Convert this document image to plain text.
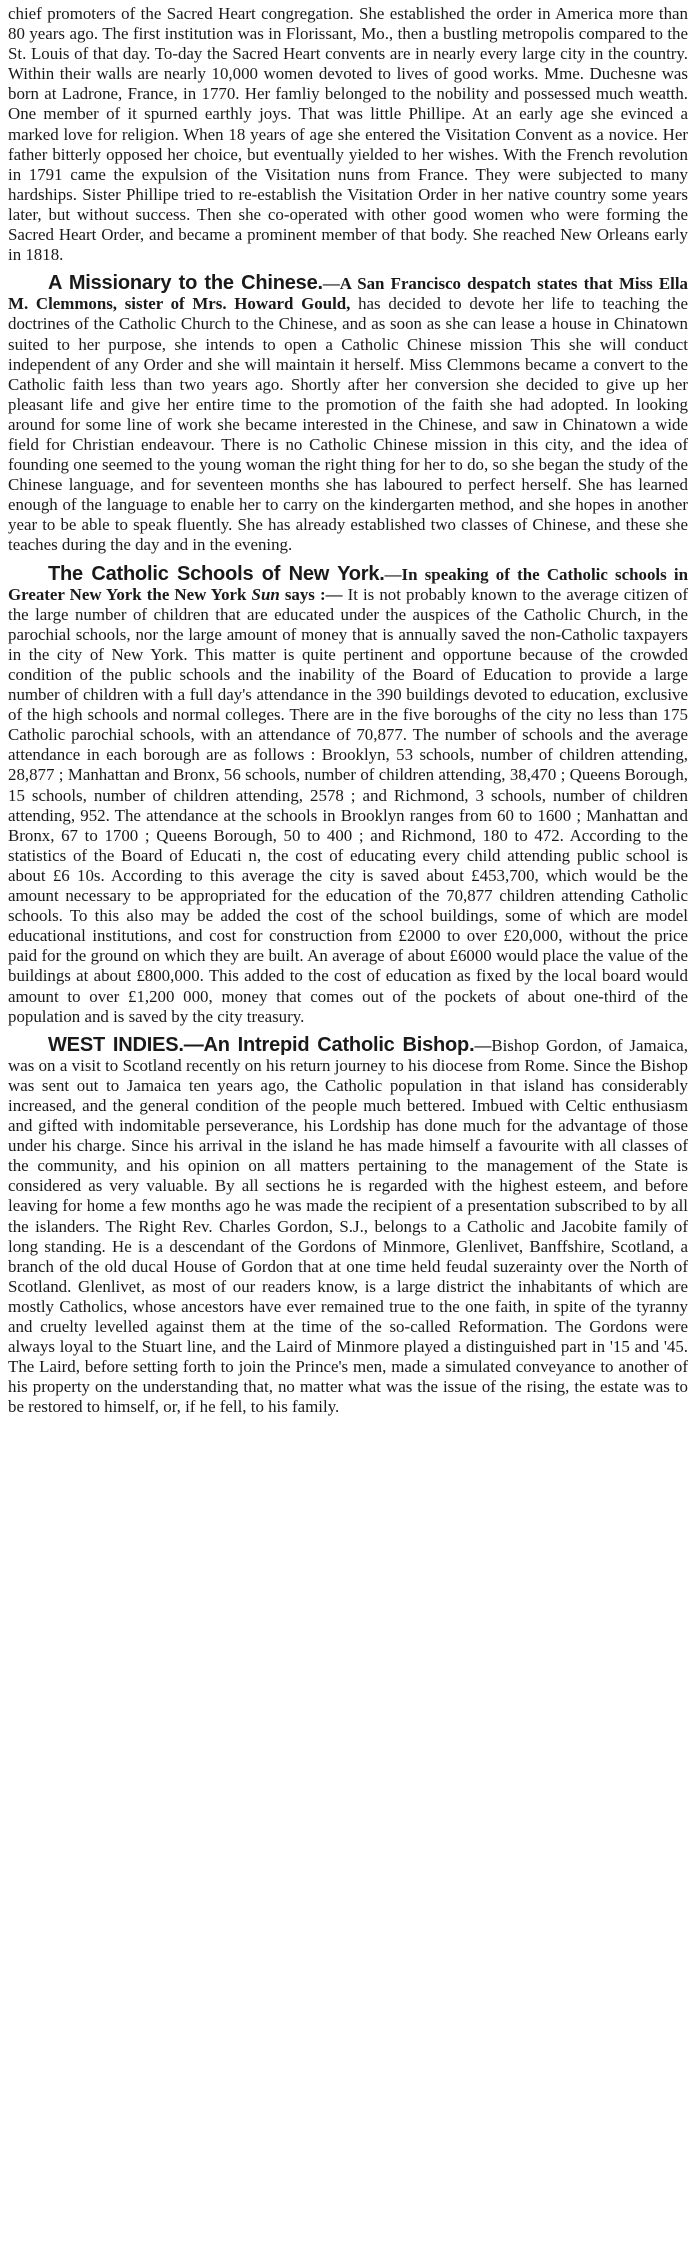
chief promoters of the Sacred Heart congregation. She established the order in America more than 80 years ago. The first institution was in Florissant, Mo., then a bustling metropolis compared to the St. Louis of that day. To-day the Sacred Heart convents are in nearly every large city in the country. Within their walls are nearly 10,000 women devoted to lives of good works. Mme. Duchesne was born at Ladrone, France, in 1770. Her famliy belonged to the nobility and possessed much weatth. One member of it spurned earthly joys. That was little Phillipe. At an early age she evinced a marked love for religion. When 18 years of age she entered the Visitation Convent as a novice. Her father bitterly opposed her choice, but eventually yielded to her wishes. With the French revolution in 1791 came the expulsion of the Visitation nuns from France. They were subjected to many hardships. Sister Phillipe tried to re-establish the Visitation Order in her native country some years later, but without success. Then she co-operated with other good women who were forming the Sacred Heart Order, and became a prominent member of that body. She reached New Orleans early in 1818.

A Missionary to the Chinese.—A San Francisco despatch states that Miss Ella M. Clemmons, sister of Mrs. Howard Gould, has decided to devote her life to teaching the doctrines of the Catholic Church to the Chinese, and as soon as she can lease a house in Chinatown suited to her purpose, she intends to open a Catholic Chinese mission This she will conduct independent of any Order and she will maintain it herself. Miss Clemmons became a convert to the Catholic faith less than two years ago. Shortly after her conversion she decided to give up her pleasant life and give her entire time to the promotion of the faith she had adopted. In looking around for some line of work she became interested in the Chinese, and saw in Chinatown a wide field for Christian endeavour. There is no Catholic Chinese mission in this city, and the idea of founding one seemed to the young woman the right thing for her to do, so she began the study of the Chinese language, and for seventeen months she has laboured to perfect herself. She has learned enough of the language to enable her to carry on the kindergarten method, and she hopes in another year to be able to speak fluently. She has already established two classes of Chinese, and these she teaches during the day and in the evening.

The Catholic Schools of New York.—In speaking of the Catholic schools in Greater New York the New York Sun says :— It is not probably known to the average citizen of the large number of children that are educated under the auspices of the Catholic Church, in the parochial schools, nor the large amount of money that is annually saved the non-Catholic taxpayers in the city of New York. This matter is quite pertinent and opportune because of the crowded condition of the public schools and the inability of the Board of Education to provide a large number of children with a full day's attendance in the 390 buildings devoted to education, exclusive of the high schools and normal colleges. There are in the five boroughs of the city no less than 175 Catholic parochial schools, with an attendance of 70,877. The number of schools and the average attendance in each borough are as follows : Brooklyn, 53 schools, number of children attending, 28,877 ; Manhattan and Bronx, 56 schools, number of children attending, 38,470 ; Queens Borough, 15 schools, number of children attending, 2578 ; and Richmond, 3 schools, number of children attending, 952. The attendance at the schools in Brooklyn ranges from 60 to 1600 ; Manhattan and Bronx, 67 to 1700 ; Queens Borough, 50 to 400 ; and Richmond, 180 to 472. According to the statistics of the Board of Educati n, the cost of educating every child attending public school is about £6 10s. According to this average the city is saved about £453,700, which would be the amount necessary to be appropriated for the education of the 70,877 children attending Catholic schools. To this also may be added the cost of the school buildings, some of which are model educational institutions, and cost for construction from £2000 to over £20,000, without the price paid for the ground on which they are built. An average of about £6000 would place the value of the buildings at about £800,000. This added to the cost of education as fixed by the local board would amount to over £1,200 000, money that comes out of the pockets of about one-third of the population and is saved by the city treasury.

WEST INDIES.—An Intrepid Catholic Bishop.—Bishop Gordon, of Jamaica, was on a visit to Scotland recently on his return journey to his diocese from Rome. Since the Bishop was sent out to Jamaica ten years ago, the Catholic population in that island has considerably increased, and the general condition of the people much bettered. Imbued with Celtic enthusiasm and gifted with indomitable perseverance, his Lordship has done much for the advantage of those under his charge. Since his arrival in the island he has made himself a favourite with all classes of the community, and his opinion on all matters pertaining to the management of the State is considered as very valuable. By all sections he is regarded with the highest esteem, and before leaving for home a few months ago he was made the recipient of a presentation subscribed to by all the islanders. The Right Rev. Charles Gordon, S.J., belongs to a Catholic and Jacobite family of long standing. He is a descendant of the Gordons of Minmore, Glenlivet, Banffshire, Scotland, a branch of the old ducal House of Gordon that at one time held feudal suzerainty over the North of Scotland. Glenlivet, as most of our readers know, is a large district the inhabitants of which are mostly Catholics, whose ancestors have ever remained true to the one faith, in spite of the tyranny and cruelty levelled against them at the time of the so-called Reformation. The Gordons were always loyal to the Stuart line, and the Laird of Minmore played a distinguished part in '15 and '45. The Laird, before setting forth to join the Prince's men, made a simulated conveyance to another of his property on the understanding that, no matter what was the issue of the rising, the estate was to be restored to himself, or, if he fell, to his family.
